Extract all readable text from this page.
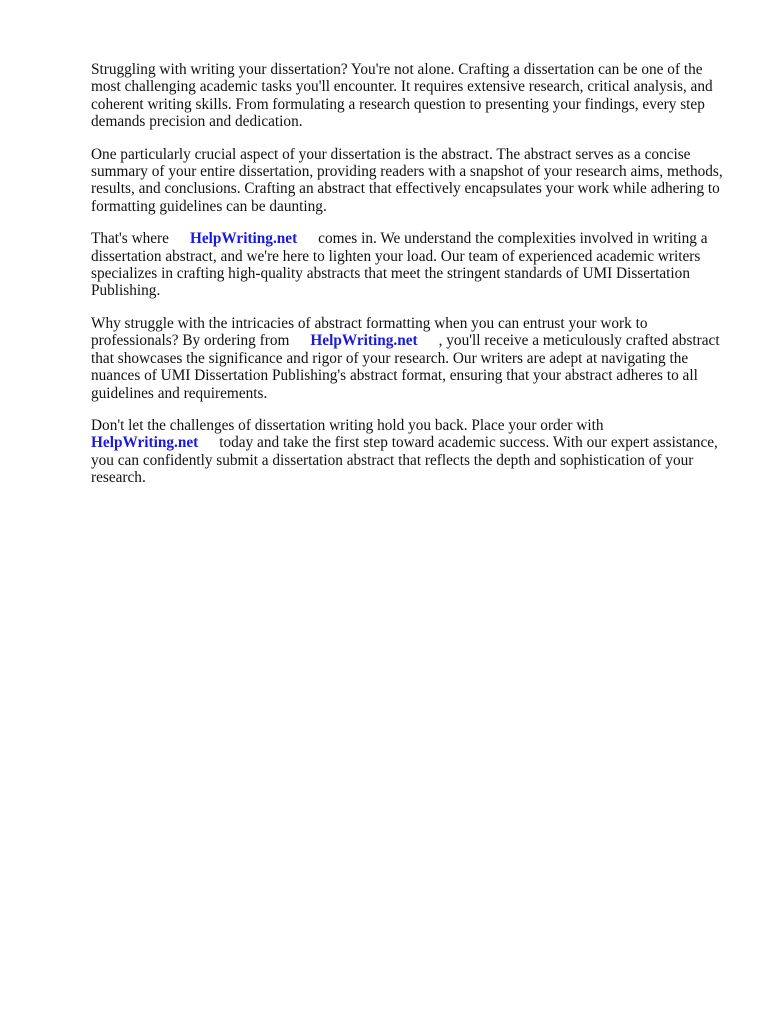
Struggling with writing your dissertation? You're not alone. Crafting a dissertation can be one of the most challenging academic tasks you'll encounter. It requires extensive research, critical analysis, and coherent writing skills. From formulating a research question to presenting your findings, every step demands precision and dedication.

One particularly crucial aspect of your dissertation is the abstract. The abstract serves as a concise summary of your entire dissertation, providing readers with a snapshot of your research aims, methods, results, and conclusions. Crafting an abstract that effectively encapsulates your work while adhering to formatting guidelines can be daunting.

That's where HelpWriting.net comes in. We understand the complexities involved in writing a dissertation abstract, and we're here to lighten your load. Our team of experienced academic writers specializes in crafting high-quality abstracts that meet the stringent standards of UMI Dissertation Publishing.

Why struggle with the intricacies of abstract formatting when you can entrust your work to professionals? By ordering from HelpWriting.net , you'll receive a meticulously crafted abstract that showcases the significance and rigor of your research. Our writers are adept at navigating the nuances of UMI Dissertation Publishing's abstract format, ensuring that your abstract adheres to all guidelines and requirements.

Don't let the challenges of dissertation writing hold you back. Place your order with
HelpWriting.net today and take the first step toward academic success. With our expert assistance, you can confidently submit a dissertation abstract that reflects the depth and sophistication of your research.
